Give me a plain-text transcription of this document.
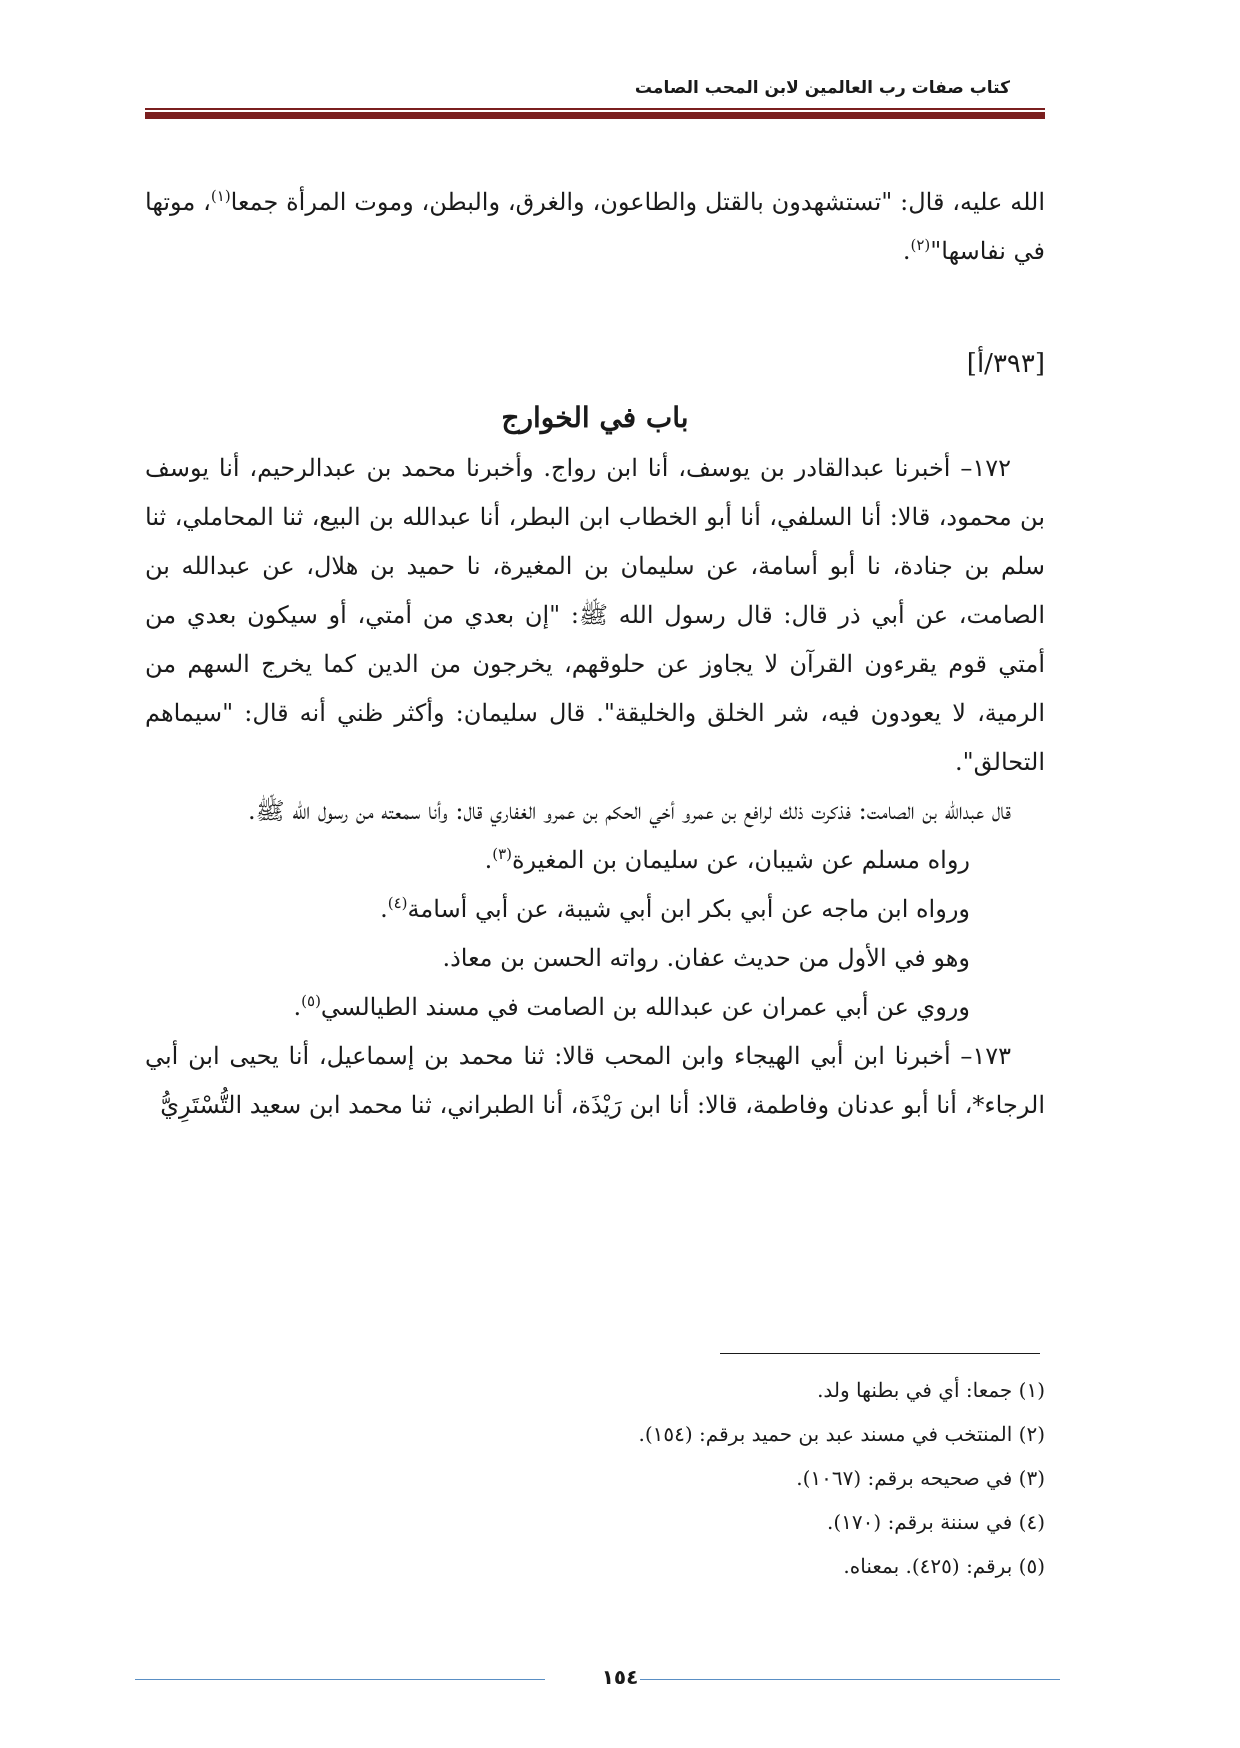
كتاب صفات رب العالمين لابن المحب الصامت

الله عليه، قال: "تستشهدون بالقتل والطاعون، والغرق، والبطن، وموت المرأة جمعا$^{(١)}$، موتها في نفاسها"$^{(٢)}$.

[٣٩٣/أ]

باب في الخوارج

١٧٢– أخبرنا عبدالقادر بن يوسف، أنا ابن رواج. وأخبرنا محمد بن عبدالرحيم، أنا يوسف بن محمود، قالا: أنا السلفي، أنا أبو الخطاب ابن البطر، أنا عبدالله بن البيع، ثنا المحاملي، ثنا سلم بن جنادة، نا أبو أسامة، عن سليمان بن المغيرة، نا حميد بن هلال، عن عبدالله بن الصامت، عن أبي ذر قال: قال رسول الله ﷺ: "إن بعدي من أمتي، أو سيكون بعدي من أمتي قوم يقرءون القرآن لا يجاوز عن حلوقهم، يخرجون من الدين كما يخرج السهم من الرمية، لا يعودون فيه، شر الخلق والخليقة". قال سليمان: وأكثر ظني أنه قال: "سيماهم التحالق".

قال عبدالله بن الصامت: فذكرت ذلك لرافع بن عمرو أخي الحكم بن عمرو الغفاري قال: وأنا سمعته من رسول الله ﷺ.

رواه مسلم عن شيبان، عن سليمان بن المغيرة$^{(٣)}$.

ورواه ابن ماجه عن أبي بكر ابن أبي شيبة، عن أبي أسامة$^{(٤)}$.

وهو في الأول من حديث عفان. رواته الحسن بن معاذ.

وروي عن أبي عمران عن عبدالله بن الصامت في مسند الطيالسي$^{(٥)}$.

١٧٣– أخبرنا ابن أبي الهيجاء وابن المحب قالا: ثنا محمد بن إسماعيل، أنا يحيى ابن أبي الرجاء*، أنا أبو عدنان وفاطمة، قالا: أنا ابن رَيْذَة، أنا الطبراني، ثنا محمد ابن سعيد التُّسْتَرِيُّ

(١) جمعا: أي في بطنها ولد.

(٢) المنتخب في مسند عبد بن حميد برقم: (١٥٤).

(٣) في صحيحه برقم: (١٠٦٧).

(٤) في سننة برقم: (١٧٠).

(٥) برقم: (٤٢٥). بمعناه.

١٥٤
